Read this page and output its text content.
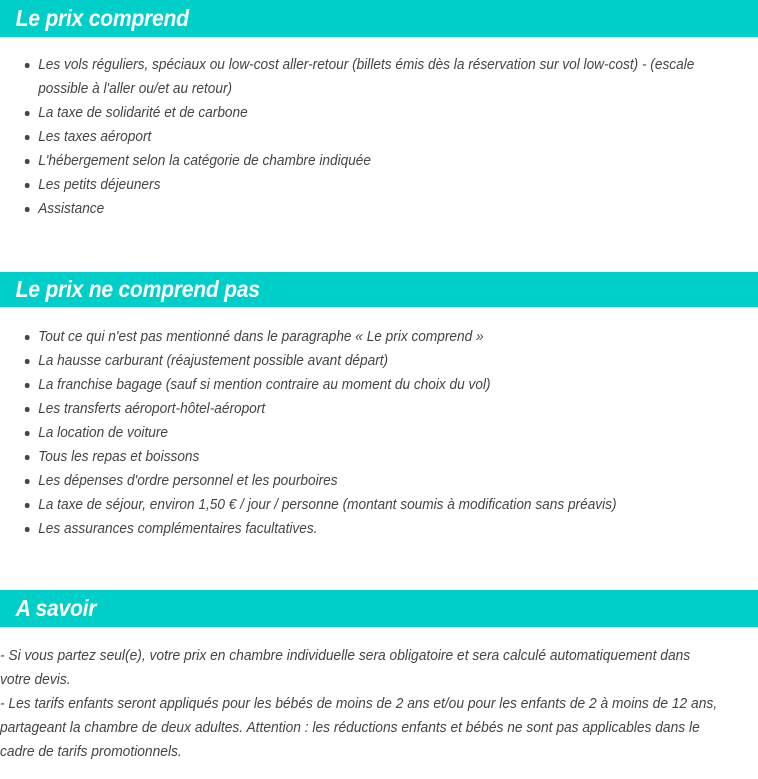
Le prix comprend
Les vols réguliers, spéciaux ou low-cost aller-retour (billets émis dès la réservation sur vol low-cost) - (escale possible à l'aller ou/et au retour)
La taxe de solidarité et de carbone
Les taxes aéroport
L'hébergement selon la catégorie de chambre indiquée
Les petits déjeuners
Assistance
Le prix ne comprend pas
Tout ce qui n'est pas mentionné dans le paragraphe « Le prix comprend »
La hausse carburant (réajustement possible avant départ)
La franchise bagage (sauf si mention contraire au moment du choix du vol)
Les transferts aéroport-hôtel-aéroport
La location de voiture
Tous les repas et boissons
Les dépenses d'ordre personnel et les pourboires
La taxe de séjour, environ 1,50 € / jour / personne (montant soumis à modification sans préavis)
Les assurances complémentaires facultatives.
A savoir

- Si vous partez seul(e), votre prix en chambre individuelle sera obligatoire et sera calculé automatiquement dans votre devis.

- Les tarifs enfants seront appliqués pour les bébés de moins de 2 ans et/ou pour les enfants de 2 à moins de 12 ans, partageant la chambre de deux adultes. Attention : les réductions enfants et bébés ne sont pas applicables dans le cadre de tarifs promotionnels.
